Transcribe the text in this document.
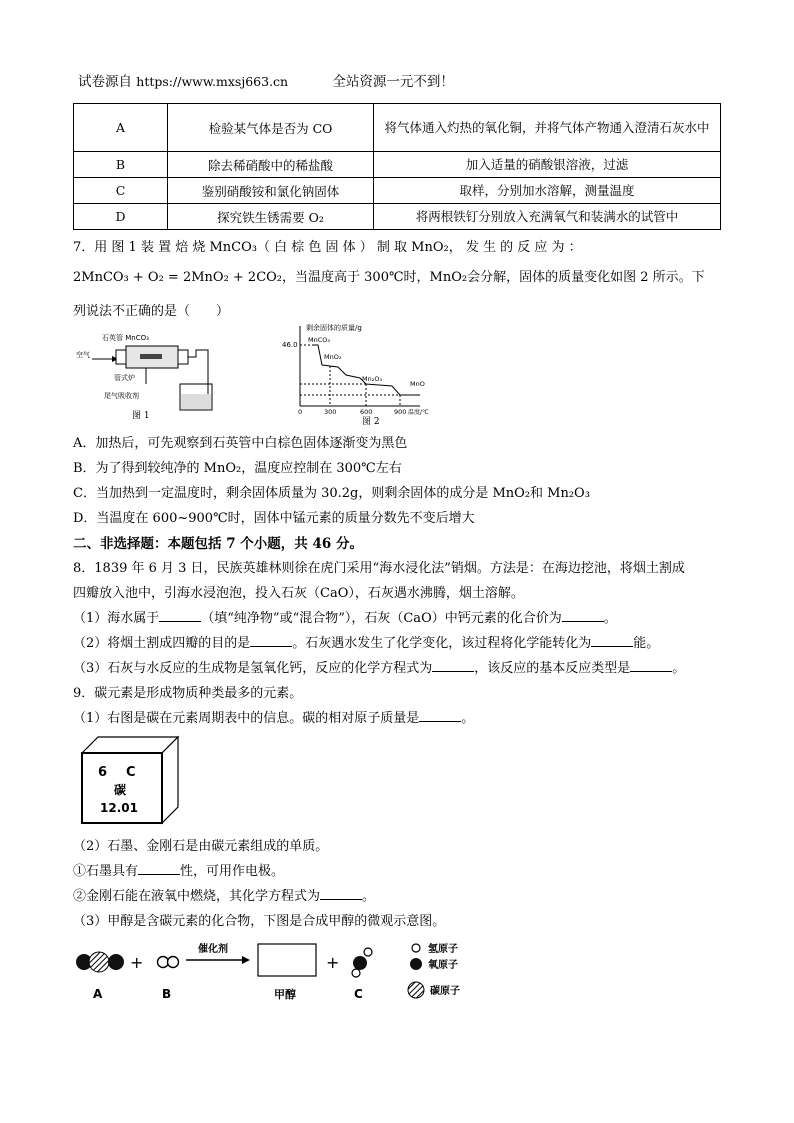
试卷源自 https://www.mxsj663.cn	全站资源一元不到！
A	检验某气体是否为 CO	将气体通入灼热的氧化铜，并将气体产物通入澄清石灰水中
B	除去稀硝酸中的稀盐酸	加入适量的硝酸银溶液，过滤
C	鉴别硝酸铵和氯化钠固体	取样，分别加水溶解，测量温度
D	探究铁生锈需要 O₂	将两根铁钉分别放入充满氧气和装满水的试管中
7．用 图 1 装 置 焙 烧 MnCO₃（ 白 棕 色 固 体 ） 制 取 MnO₂， 发 生 的 反 应 为 ：
2MnCO₃ + O₂ = 2MnO₂ + 2CO₂，当温度高于 300℃时，MnO₂会分解，固体的质量变化如图 2 所示。下
列说法不正确的是（　　）
石英管 MnCO₃
空气
管式炉
尾气吸收剂
图 1
剩余固体的质量/g
46.0
MnCO₃
MnO₂
Mn₂O₃
MnO
0	300	600	900 温度/℃
图 2
A．加热后，可先观察到石英管中白棕色固体逐渐变为黑色
B．为了得到较纯净的 MnO₂，温度应控制在 300℃左右
C．当加热到一定温度时，剩余固体质量为 30.2g，则剩余固体的成分是 MnO₂和 Mn₂O₃
D．当温度在 600~900℃时，固体中锰元素的质量分数先不变后增大
二、非选择题：本题包括 7 个小题，共 46 分。
8．1839 年 6 月 3 日，民族英雄林则徐在虎门采用“海水浸化法”销烟。方法是：在海边挖池，将烟土割成
四瓣放入池中，引海水浸泡泡，投入石灰（CaO），石灰遇水沸腾，烟土溶解。
（1）海水属于	（填“纯净物”或“混合物”），石灰（CaO）中钙元素的化合价为	。
（2）将烟土割成四瓣的目的是	。石灰遇水发生了化学变化，该过程将化学能转化为	能。
（3）石灰与水反应的生成物是氢氧化钙，反应的化学方程式为	，该反应的基本反应类型是	。
9．碳元素是形成物质种类最多的元素。
（1）右图是碳在元素周期表中的信息。碳的相对原子质量是	。
6 C
碳
12.01
（2）石墨、金刚石是由碳元素组成的单质。
①石墨具有	性，可用作电极。
②金刚石能在液氧中燃烧，其化学方程式为	。
（3）甲醇是含碳元素的化合物，下图是合成甲醇的微观示意图。
A
+
B
催化剂
甲醇
+
C
氢原子
氧原子
碳原子
